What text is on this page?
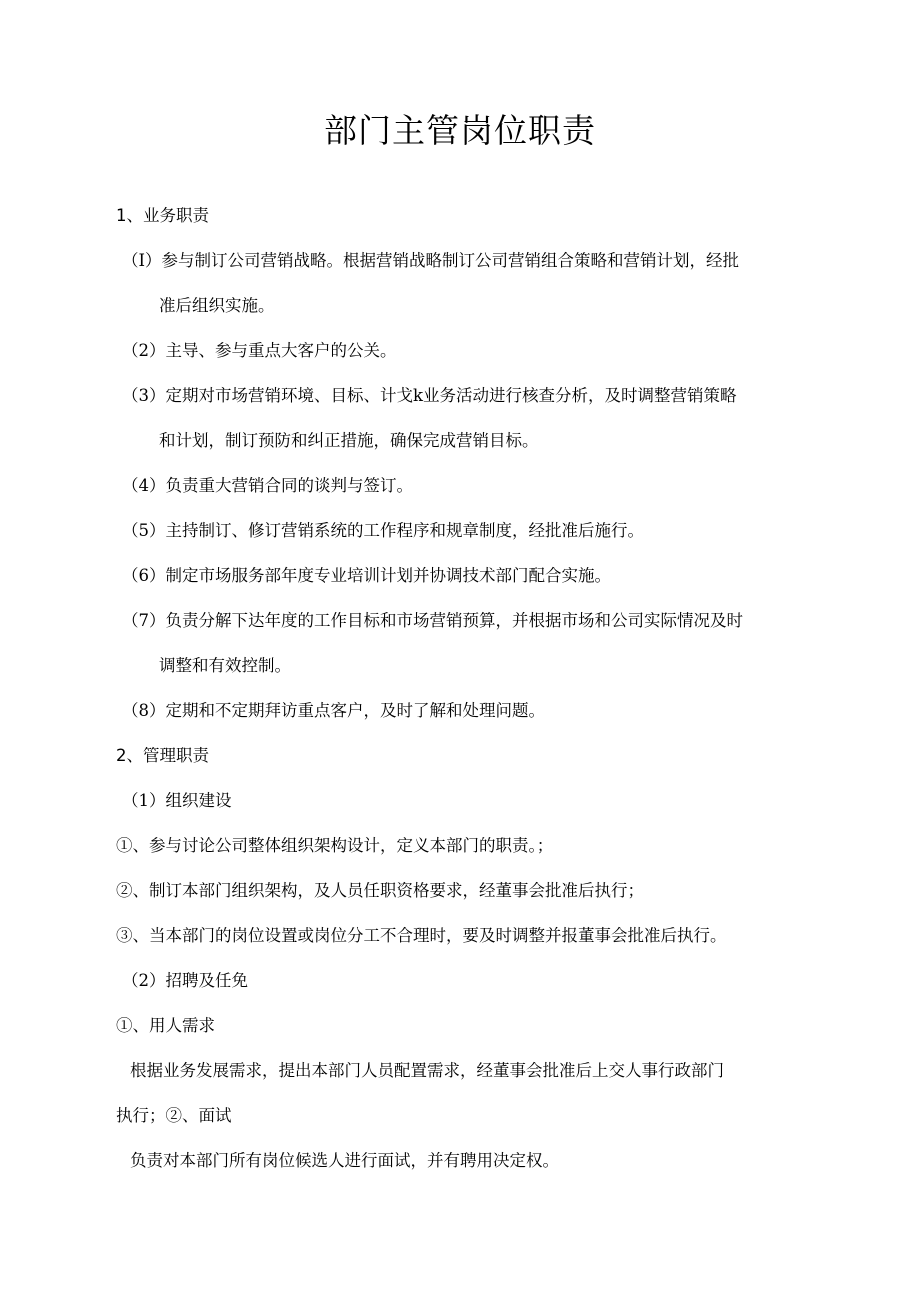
部门主管岗位职责
1、业务职责
（I）参与制订公司营销战略。根据营销战略制订公司营销组合策略和营销计划，经批
准后组织实施。
（2）主导、参与重点大客户的公关。
（3）定期对市场营销环境、目标、计戈k业务活动进行核查分析，及时调整营销策略
和计划，制订预防和纠正措施，确保完成营销目标。
（4）负责重大营销合同的谈判与签订。
（5）主持制订、修订营销系统的工作程序和规章制度，经批准后施行。
（6）制定市场服务部年度专业培训计划并协调技术部门配合实施。
（7）负责分解下达年度的工作目标和市场营销预算，并根据市场和公司实际情况及时
调整和有效控制。
（8）定期和不定期拜访重点客户，及时了解和处理问题。
2、管理职责
（1）组织建设
①、参与讨论公司整体组织架构设计，定义本部门的职责。；
②、制订本部门组织架构，及人员任职资格要求，经董事会批准后执行；
③、当本部门的岗位设置或岗位分工不合理时，要及时调整并报董事会批准后执行。
（2）招聘及任免
①、用人需求
根据业务发展需求，提出本部门人员配置需求，经董事会批准后上交人事行政部门
执行；②、面试
负责对本部门所有岗位候选人进行面试，并有聘用决定权。
